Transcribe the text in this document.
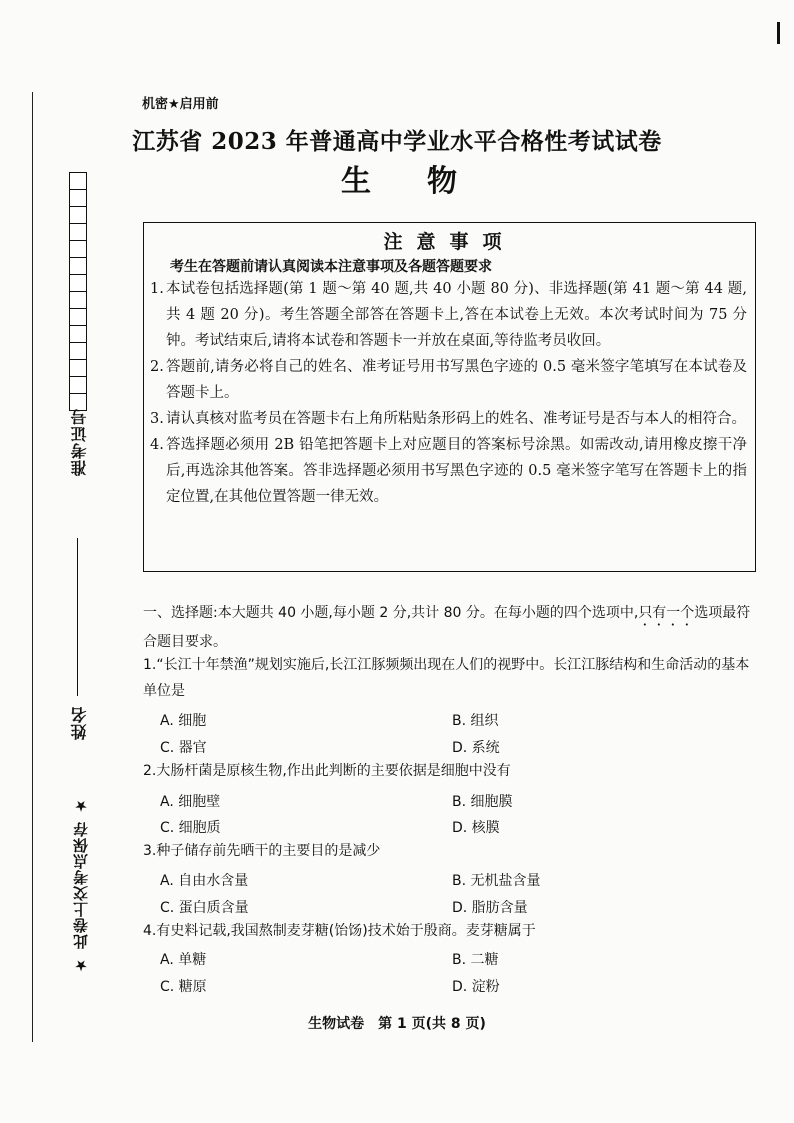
准考证号
姓名
★ 此卷上交考点保存 ★
机密★启用前
江苏省 2023 年普通高中学业水平合格性考试试卷
生物
注意事项
考生在答题前请认真阅读本注意事项及各题答题要求
1. 本试卷包括选择题(第 1 题～第 40 题,共 40 小题 80 分)、非选择题(第 41 题～第 44 题,共 4 题 20 分)。考生答题全部答在答题卡上,答在本试卷上无效。本次考试时间为 75 分钟。考试结束后,请将本试卷和答题卡一并放在桌面,等待监考员收回。
2. 答题前,请务必将自己的姓名、准考证号用书写黑色字迹的 0.5 毫米签字笔填写在本试卷及答题卡上。
3. 请认真核对监考员在答题卡右上角所粘贴条形码上的姓名、准考证号是否与本人的相符合。
4. 答选择题必须用 2B 铅笔把答题卡上对应题目的答案标号涂黑。如需改动,请用橡皮擦干净后,再选涂其他答案。答非选择题必须用书写黑色字迹的 0.5 毫米签字笔写在答题卡上的指定位置,在其他位置答题一律无效。
一、选择题:本大题共 40 小题,每小题 2 分,共计 80 分。在每小题的四个选项中,只有一个选项最符合题目要求。
1.“长江十年禁渔”规划实施后,长江江豚频频出现在人们的视野中。长江江豚结构和生命活动的基本单位是
A. 细胞	B. 组织
C. 器官	D. 系统
2.大肠杆菌是原核生物,作出此判断的主要依据是细胞中没有
A. 细胞壁	B. 细胞膜
C. 细胞质	D. 核膜
3.种子储存前先晒干的主要目的是减少
A. 自由水含量	B. 无机盐含量
C. 蛋白质含量	D. 脂肪含量
4.有史料记载,我国熬制麦芽糖(饴饧)技术始于殷商。麦芽糖属于
A. 单糖	B. 二糖
C. 糖原	D. 淀粉
生物试卷　第 1 页(共 8 页)
